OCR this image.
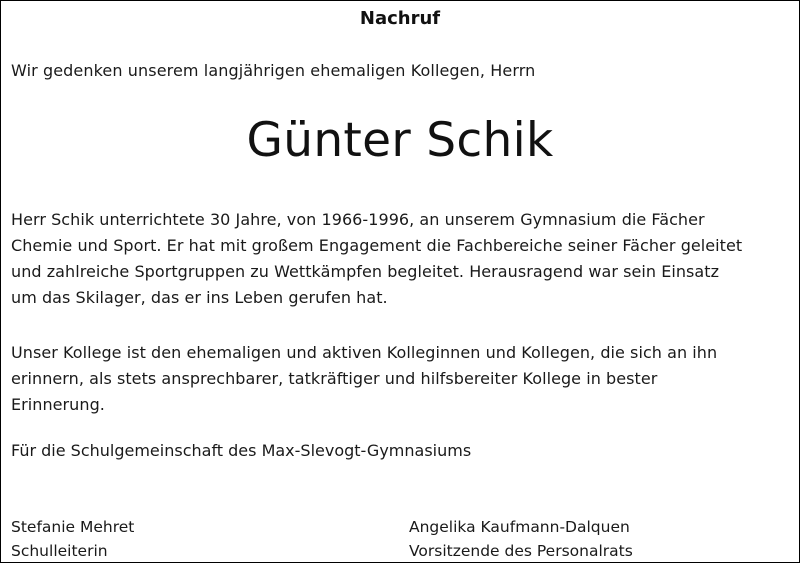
Nachruf
Wir gedenken unserem langjährigen ehemaligen Kollegen, Herrn
Günter Schik
Herr Schik unterrichtete 30 Jahre, von 1966-1996, an unserem Gymnasium die Fächer
Chemie und Sport. Er hat mit großem Engagement die Fachbereiche seiner Fächer geleitet
und zahlreiche Sportgruppen zu Wettkämpfen begleitet. Herausragend war sein Einsatz
um das Skilager, das er ins Leben gerufen hat.
Unser Kollege ist den ehemaligen und aktiven Kolleginnen und Kollegen, die sich an ihn
erinnern, als stets ansprechbarer, tatkräftiger und hilfsbereiter Kollege in bester
Erinnerung.
Für die Schulgemeinschaft des Max-Slevogt-Gymnasiums
Stefanie Mehret
Schulleiterin
Angelika Kaufmann-Dalquen
Vorsitzende des Personalrats
